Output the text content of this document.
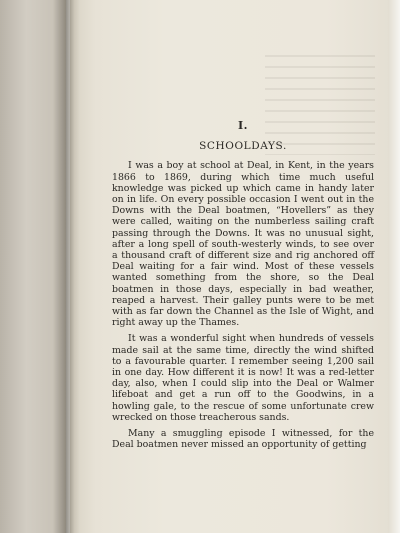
I.
SCHOOLDAYS.

I was a boy at school at Deal, in Kent, in the years 1866 to 1869, during which time much useful knowledge was picked up which came in handy later on in life. On every possible occasion I went out in the Downs with the Deal boatmen, “Hovellers” as they were called, waiting on the numberless sailing craft passing through the Downs. It was no unusual sight, after a long spell of south-westerly winds, to see over a thousand craft of different size and rig anchored off Deal waiting for a fair wind. Most of these vessels wanted something from the shore, so the Deal boatmen in those days, especially in bad weather, reaped a harvest. Their galley punts were to be met with as far down the Channel as the Isle of Wight, and right away up the Thames.

It was a wonderful sight when hundreds of vessels made sail at the same time, directly the wind shifted to a favourable quarter. I remember seeing 1,200 sail in one day. How different it is now! It was a red-letter day, also, when I could slip into the Deal or Walmer lifeboat and get a run off to the Goodwins, in a howling gale, to the rescue of some unfortunate crew wrecked on those treacherous sands.

Many a smuggling episode I witnessed, for the Deal boatmen never missed an opportunity of getting
